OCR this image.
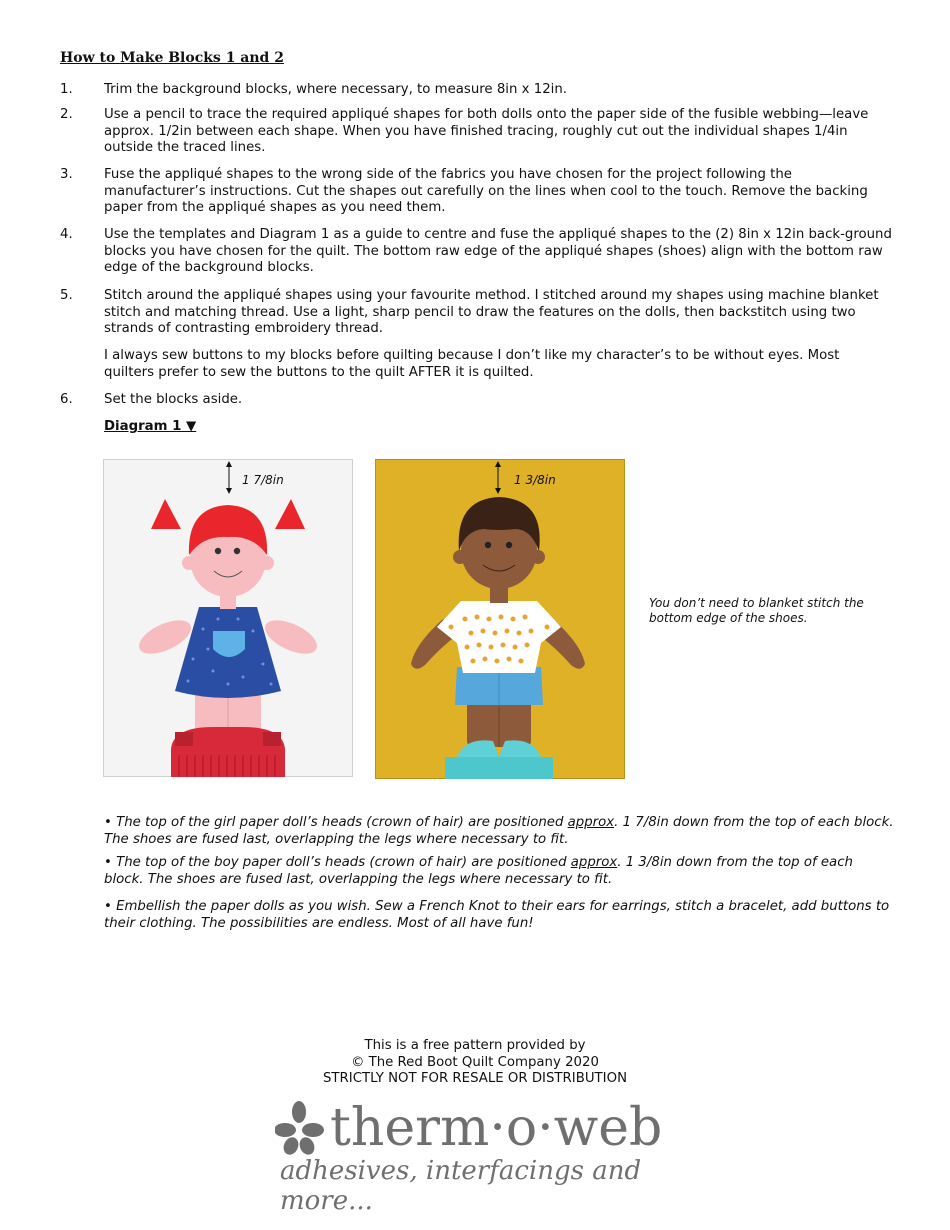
How to Make Blocks 1 and 2
1.	Trim the background blocks, where necessary, to measure 8in x 12in.
2.	Use a pencil to trace the required appliqué shapes for both dolls onto the paper side of the fusible webbing—leave approx. 1/2in between each shape. When you have finished tracing, roughly cut out the individual shapes 1/4in outside the traced lines.
3.	Fuse the appliqué shapes to the wrong side of the fabrics you have chosen for the project following the manufacturer’s instructions. Cut the shapes out carefully on the lines when cool to the touch. Remove the backing paper from the appliqué shapes as you need them.
4.	Use the templates and Diagram 1 as a guide to centre and fuse the appliqué shapes to the (2) 8in x 12in back-ground blocks you have chosen for the quilt. The bottom raw edge of the appliqué shapes (shoes) align with the bottom raw edge of the background blocks.
5.	Stitch around the appliqué shapes using your favourite method. I stitched around my shapes using machine blanket stitch and matching thread. Use a light, sharp pencil to draw the features on the dolls, then backstitch using two strands of contrasting embroidery thread.
I always sew buttons to my blocks before quilting because I don’t like my character’s to be without eyes. Most quilters prefer to sew the buttons to the quilt AFTER it is quilted.
6.	Set the blocks aside.
Diagram 1 ▼
1 7/8in	1 3/8in
You don’t need to blanket stitch the bottom edge of the shoes.
• The top of the girl paper doll’s heads (crown of hair) are positioned approx. 1 7/8in down from the top of each block. The shoes are fused last, overlapping the legs where necessary to fit.
• The top of the boy paper doll’s heads (crown of hair) are positioned approx. 1 3/8in down from the top of each block. The shoes are fused last, overlapping the legs where necessary to fit.
• Embellish the paper dolls as you wish. Sew a French Knot to their ears for earrings, stitch a bracelet, add buttons to their clothing. The possibilities are endless. Most of all have fun!
This is a free pattern provided by
© The Red Boot Quilt Company 2020
STRICTLY NOT FOR RESALE OR DISTRIBUTION
therm·o·web
adhesives, interfacings and more...
